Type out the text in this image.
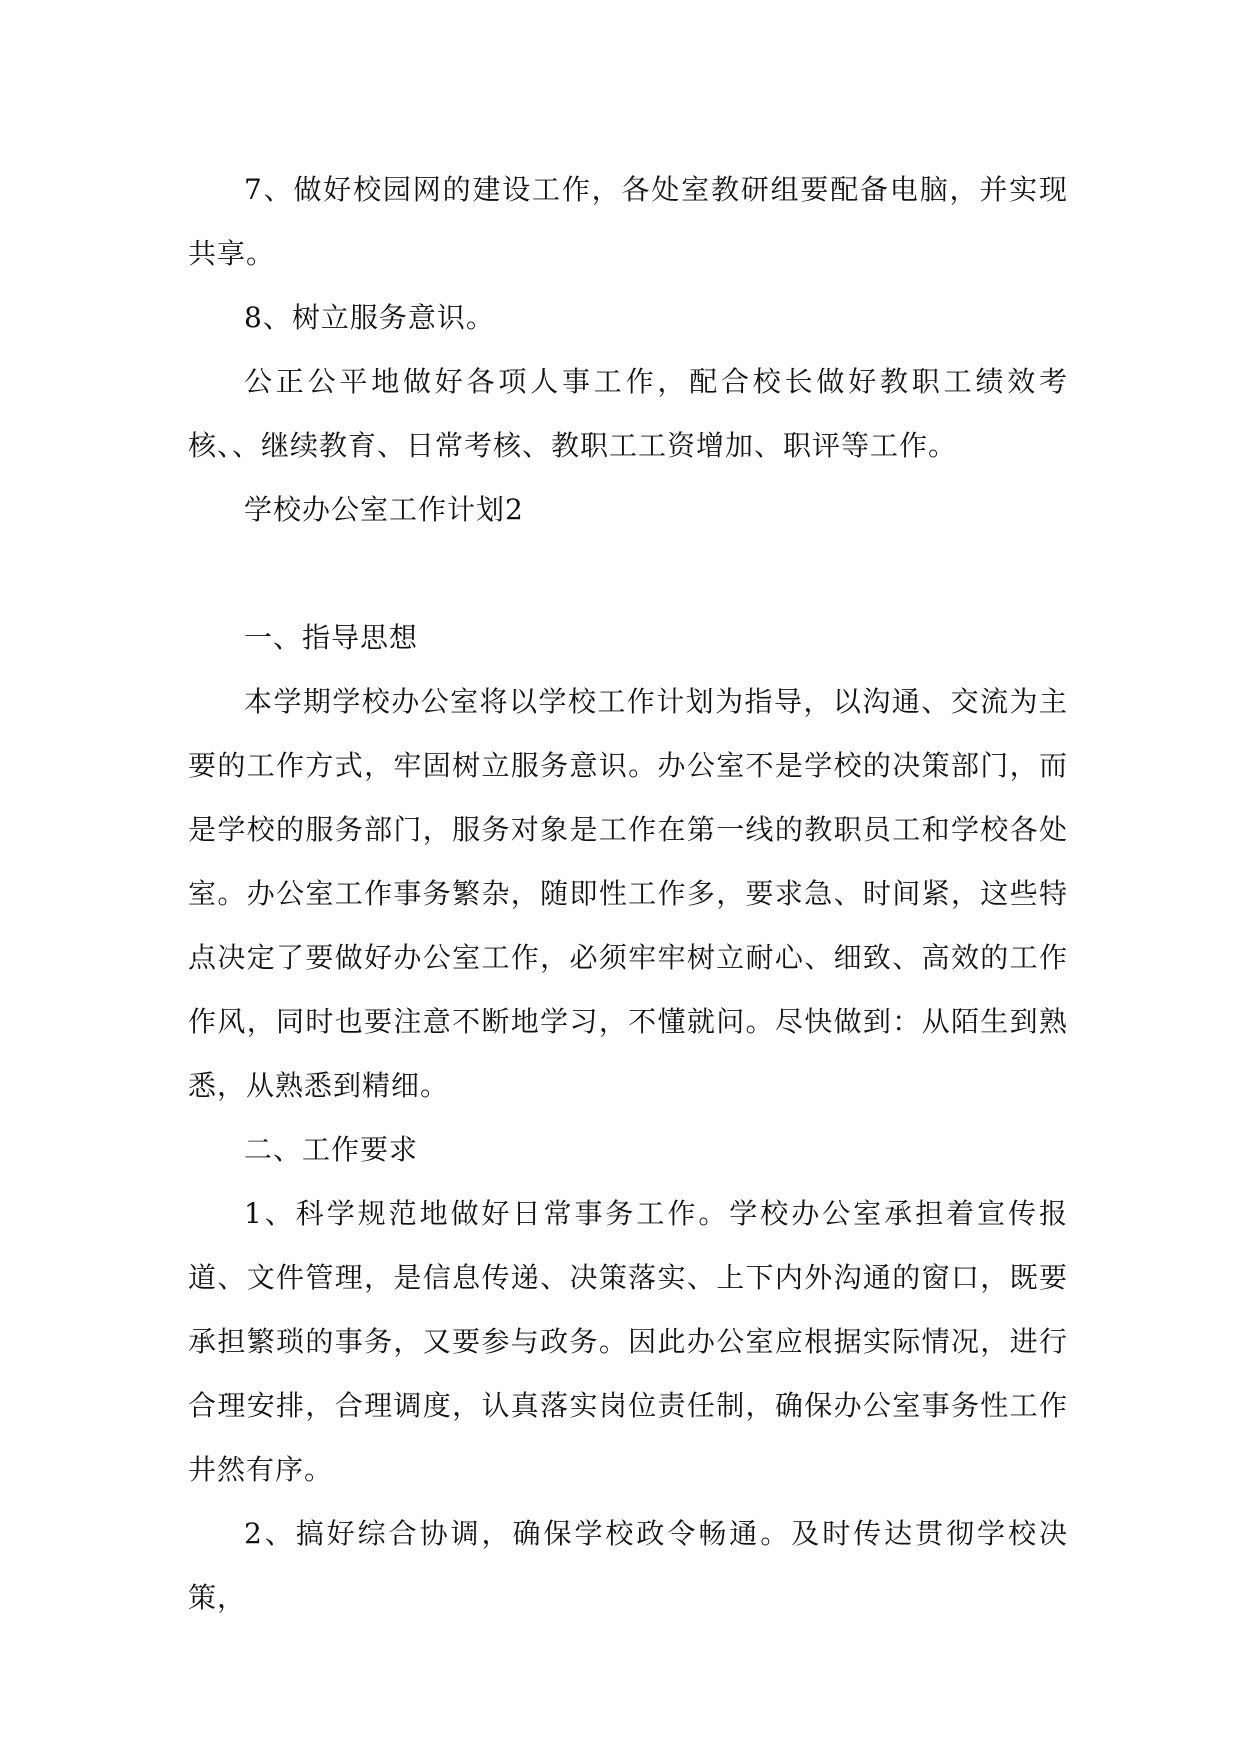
7、做好校园网的建设工作，各处室教研组要配备电脑，并实现共享。

8、树立服务意识。

公正公平地做好各项人事工作，配合校长做好教职工绩效考核、、继续教育、日常考核、教职工工资增加、职评等工作。

学校办公室工作计划2

一、指导思想

本学期学校办公室将以学校工作计划为指导，以沟通、交流为主要的工作方式，牢固树立服务意识。办公室不是学校的决策部门，而是学校的服务部门，服务对象是工作在第一线的教职员工和学校各处室。办公室工作事务繁杂，随即性工作多，要求急、时间紧，这些特点决定了要做好办公室工作，必须牢牢树立耐心、细致、高效的工作作风，同时也要注意不断地学习，不懂就问。尽快做到：从陌生到熟悉，从熟悉到精细。

二、工作要求

1、科学规范地做好日常事务工作。学校办公室承担着宣传报道、文件管理，是信息传递、决策落实、上下内外沟通的窗口，既要承担繁琐的事务，又要参与政务。因此办公室应根据实际情况，进行合理安排，合理调度，认真落实岗位责任制，确保办公室事务性工作井然有序。

2、搞好综合协调，确保学校政令畅通。及时传达贯彻学校决策，
